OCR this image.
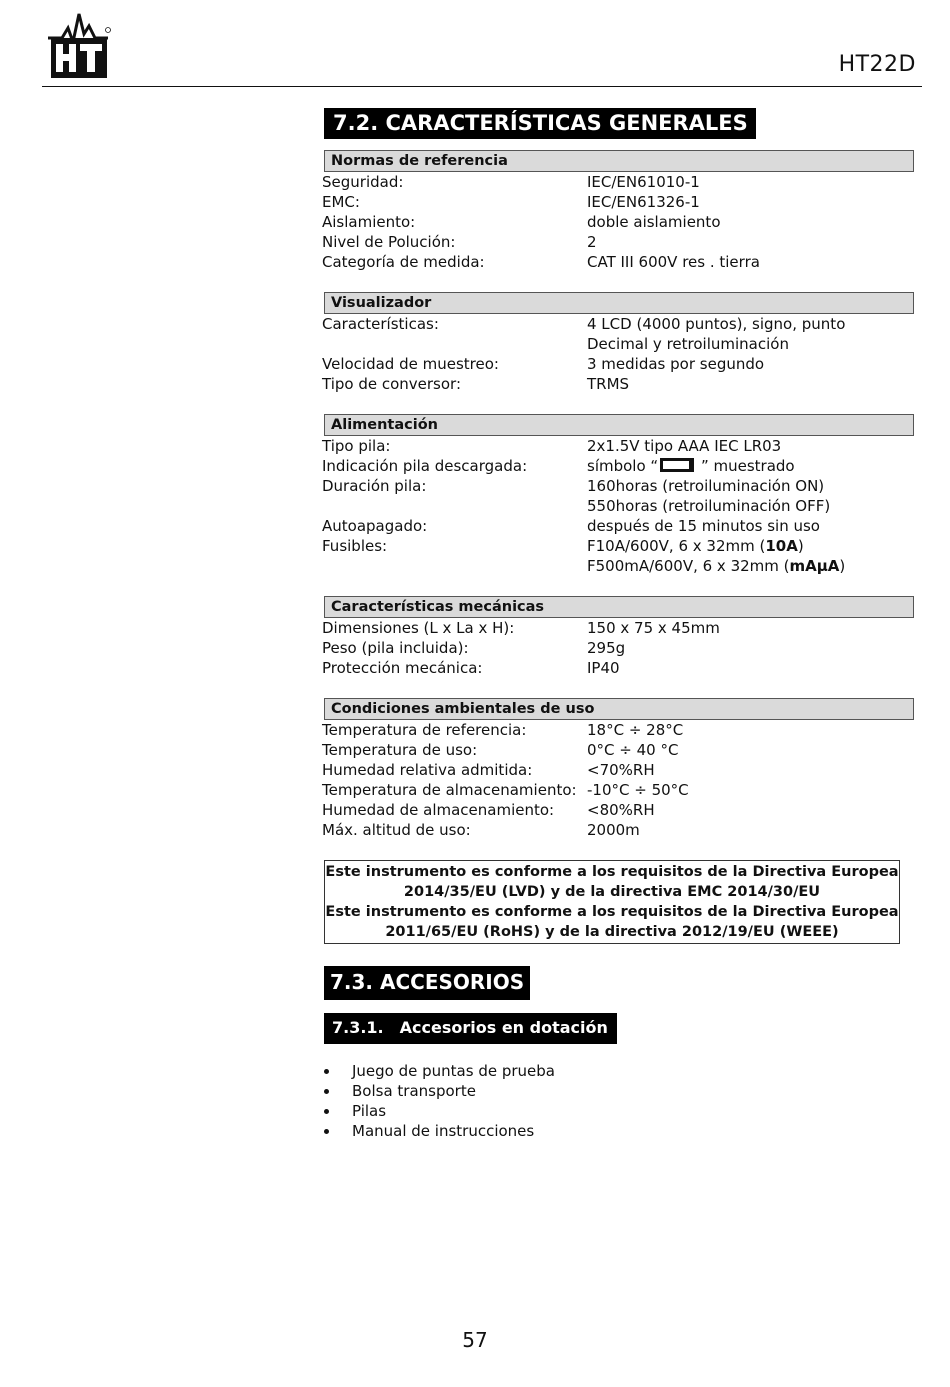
HT22D
7.2. CARACTERÍSTICAS GENERALES
Normas de referencia
Seguridad:	IEC/EN61010-1
EMC:	IEC/EN61326-1
Aislamiento:	doble aislamiento
Nivel de Polución:	2
Categoría de medida:	CAT III 600V res . tierra
Visualizador
Características:	4 LCD (4000 puntos), signo, punto
	Decimal y retroiluminación
Velocidad de muestreo:	3 medidas por segundo
Tipo de conversor:	TRMS
Alimentación
Tipo pila:	2x1.5V tipo AAA IEC LR03
Indicación pila descargada:	símbolo “ ” muestrado
Duración pila:	160horas (retroiluminación ON)
	550horas (retroiluminación OFF)
Autoapagado:	después de 15 minutos sin uso
Fusibles:	F10A/600V, 6 x 32mm (10A)
	F500mA/600V, 6 x 32mm (mAµA)
Características mecánicas
Dimensiones (L x La x H):	150 x 75 x 45mm
Peso (pila incluida):	295g
Protección mecánica:	IP40
Condiciones ambientales de uso
Temperatura de referencia:	18°C ÷ 28°C
Temperatura de uso:	0°C ÷ 40 °C
Humedad relativa admitida:	<70%RH
Temperatura de almacenamiento:	-10°C ÷ 50°C
Humedad de almacenamiento:	<80%RH
Máx. altitud de uso:	2000m

Este instrumento es conforme a los requisitos de la Directiva Europea

2014/35/EU (LVD) y de la directiva EMC 2014/30/EU

Este instrumento es conforme a los requisitos de la Directiva Europea

2011/65/EU (RoHS) y de la directiva 2012/19/EU (WEEE)

7.3. ACCESORIOS
7.3.1. Accesorios en dotación
Juego de puntas de prueba
Bolsa transporte
Pilas
Manual de instrucciones
57
